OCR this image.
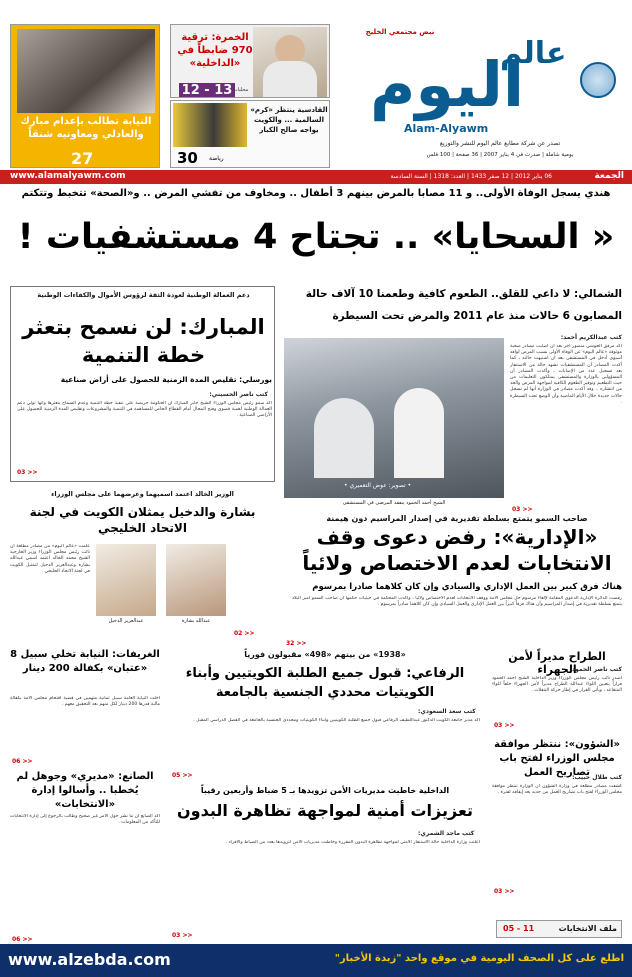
نبض مجتمعي الخليج
عالم
اليوم
Alam-Alyawm
تصدر عن شركة مطابع عالم اليوم للنشر والتوزيع
يومية شاملة | صدرت في 4 يناير 2007 | 36 صفحة | 100 فلس
الخمرة: ترقية 970 ضابطاً في «الداخلية»
12 - 13 محليات
القادسية ينتظر «كرم» السالمية ... والكويت يواجه صالح الكبار
30 رياضة
النيابة تطالب بإعدام مبارك والعادلي ومعاونيه شنقاً
27
الجمعة
06 يناير 2012 | 12 صفر 1433 | العدد: 1318 | السنة السادسة
www.alamalyawm.com
هندي يسجل الوفاة الأولى.. و 11 مصابا بالمرض بينهم 3 أطفال .. ومخاوف من تفشي المرض .. و«الصحة» تتخبط وتتكتم
« السحايا» .. تجتاح 4 مستشفيات !
دعم العمالة الوطنية لعودة الثقة لرؤوس الأموال والكفاءات الوطنية
المبارك: لن نسمح بتعثر خطة التنمية
بورسلي: تقليص المدة الزمنية للحصول على أراض صناعية
كتب ناصر الحسيني:
أكد سمو رئيس مجلس الوزراء الشيخ جابر المبارك أن الحكومة حريصة على تنفيذ خطة التنمية وعدم السماح بتعثرها وأنها تولي دعم العمالة الوطنية أهمية قصوى وفتح المجال أمام القطاع الخاص للمساهمة في التنمية والمشروعات وتقليص المدة الزمنية للحصول على الأراضي الصناعية .
<< 03
الشمالي: لا داعي للقلق.. الطعوم كافية وطعمنا 10 آلاف حالة
المصابون 6 حالات منذ عام 2011 والمرض تحت السيطرة
كتب عبدالكريم أحمد:
أكد مرفق الحوشي منصور آخر بعد أن أصابت مصادر صحية موثوقة «عالم اليوم» عن الوفاة الأولى بسبب المرض لوافد آسيوي أدخل في المستشفى بعد أن اشتبهت حالته ، كما أكدت المصادر أن المستشفيات تشهد حالة من الاستنفار بعد تسجيل عدد من الإصابات ، وأكدت المصادر أن المسؤولين بالوزارة والمستشفى يمتلكون التعليمات من حيث التطعيم وتوفير الطعوم الكافية لمواجهة المرض والحد من انتشاره .. وقد أكدت مصادر في الوزارة أنها لم تسجل حالات جديدة خلال الأيام الماضية وأن الوضع تحت السيطرة .
<< 03
• تصوير: عوض التعميري •
الشيخ أحمد الحمود يتفقد المرضى في المستشفى
الوزير الخالد اعتمد اسميهما وعرضهما على مجلس الوزراء
بشارة والدخيل يمثلان الكويت في لجنة الاتحاد الخليجي
عبدالله بشارة
عبدالعزيز الدخيل
علمت «عالم اليوم» من مصادر مطلعة أن نائب رئيس مجلس الوزراء وزير الخارجية الشيخ محمد الخالد اعتمد اسمي عبدالله بشارة وعبدالعزيز الدخيل لتمثيل الكويت في لجنة الاتحاد الخليجي .
<< 02
صاحب السمو يتمتع بسلطة تقديرية في إصدار المراسيم دون هيمنة
«الإدارية»: رفض دعوى وقف الانتخابات لعدم الاختصاص ولائياً
هناك فرق كبير بين العمل الإداري والسيادي وإن كان كلاهما صادرا بمرسوم
رفضت الدائرة الإدارية الدعوى المقامة لإلغاء مرسوم حل مجلس الأمة ووقف الانتخابات لعدم الاختصاص ولائياً ، وأكدت المحكمة في حيثيات حكمها أن صاحب السمو أمير البلاد يتمتع بسلطة تقديرية في إصدار المراسيم وأن هناك فرقاً كبيراً بين العمل الإداري والعمل السيادي وإن كان كلاهما صادراً بمرسوم .
<< 32
الطراح مديراً لأمن الجهراء
كتب ناصر الحمود:
أصدر نائب رئيس مجلس الوزراء وزير الداخلية الشيخ أحمد الحمود قراراً بتعيين اللواء عبدالله الطراح مديراً لأمن الجهراء خلفاً للواء المتقاعد ، ويأتي القرار في إطار حركة التنقلات .
<< 03
«1938» من بينهم «498» مقبولون فورياً
الرفاعي: قبول جميع الطلبة الكويتيين وأبناء الكويتيات محددي الجنسية بالجامعة
كتب سعد السعودي:
أكد مدير جامعة الكويت الدكتور عبداللطيف الرفاعي قبول جميع الطلبة الكويتيين وأبناء الكويتيات ومحددي الجنسية بالجامعة في الفصل الدراسي المقبل .
<< 05
الغريفات: النيابة تخلي سبيل 8 «عتبان» بكفالة 200 دينار
أخلت النيابة العامة سبيل ثمانية متهمين في قضية اقتحام مجلس الأمة بكفالة مالية قدرها 200 دينار لكل منهم بعد التحقيق معهم .
<< 06
«الشؤون»: ننتظر موافقة مجلس الوزراء لفتح باب تصاريح العمل
كتب طلال حبيب:
كشفت مصادر مطلعة في وزارة الشؤون أن الوزارة تنتظر موافقة مجلس الوزراء لفتح باب تصاريح العمل من جديد بعد إيقافه لفترة .
<< 03
الصانع: «مديري» وجوهل لم يُخطبا .. وأسالوا إدارة «الانتخابات»
أكد الصانع أن ما نشر حول الأمر غير صحيح وطالب بالرجوع إلى إدارة الانتخابات للتأكد من المعلومات .
<< 06
الداخلية خاطبت مديريات الأمن تزويدها بـ 5 ضباط وأربعين رقيباً
تعزيزات أمنية لمواجهة تظاهرة البدون
كتب ماجد الشمري:
أعلنت وزارة الداخلية حالة الاستنفار الأمني لمواجهة تظاهرة البدون المقررة وخاطبت مديريات الأمن لتزويدها بعدد من الضباط والأفراد .
<< 03
ملف الانتخابات
05 - 11
www.alzebda.com	اطلع على كل الصحف اليومية في موقع واحد "زبدة الأخبار"
